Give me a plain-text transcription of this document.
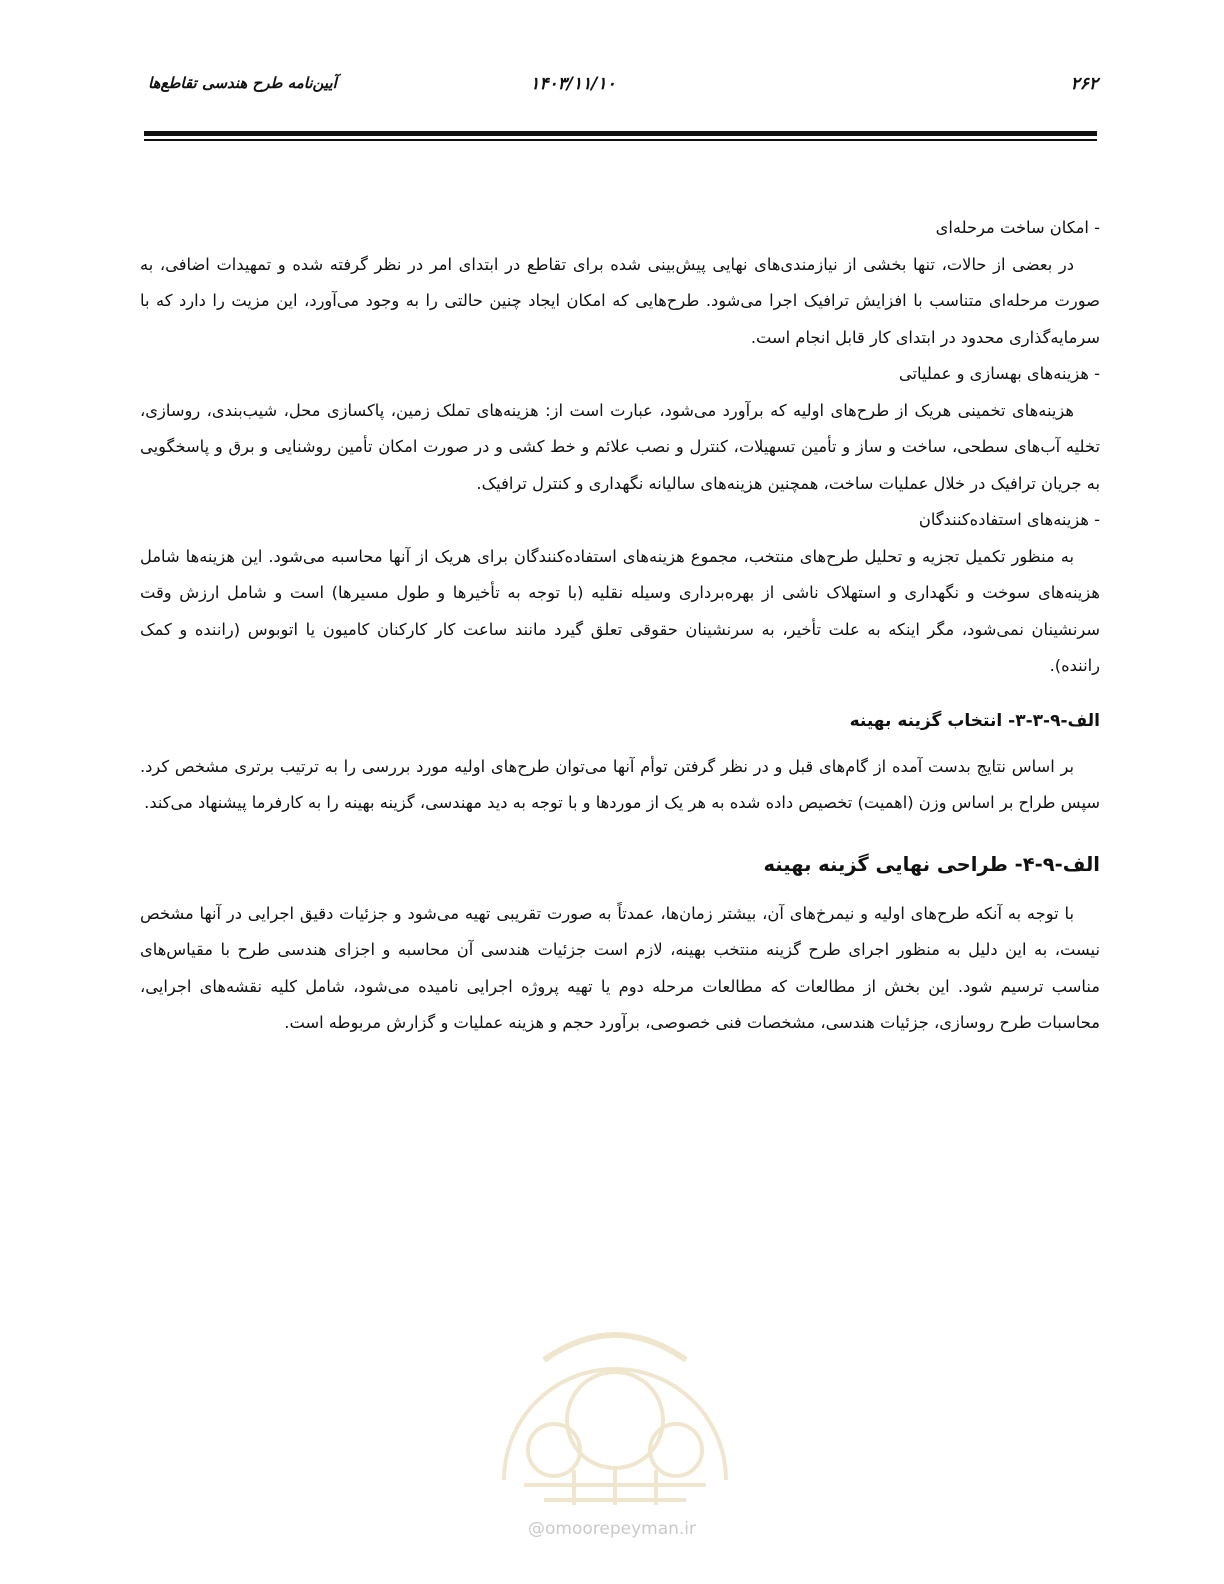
۲۶۲
۱۴۰۳/۱۱/۱۰
آیین‌نامه طرح هندسی تقاطع‌ها

- امکان ساخت مرحله‌ای

در بعضی از حالات، تنها بخشی از نیازمندی‌های نهایی پیش‌بینی شده برای تقاطع در ابتدای امر در نظر گرفته شده و تمهیدات اضافی، به صورت مرحله‌ای متناسب با افزایش ترافیک اجرا می‌شود. طرح‌هایی که امکان ایجاد چنین حالتی را به وجود می‌آورد، این مزیت را دارد که با سرمایه‌گذاری محدود در ابتدای کار قابل انجام است.

- هزینه‌های بهسازی و عملیاتی

هزینه‌های تخمینی هریک از طرح‌های اولیه که برآورد می‌شود، عبارت است از: هزینه‌های تملک زمین، پاکسازی محل، شیب‌بندی، روسازی، تخلیه آب‌های سطحی، ساخت و ساز و تأمین تسهیلات، کنترل و نصب علائم و خط کشی و در صورت امکان تأمین روشنایی و برق و پاسخگویی به جریان ترافیک در خلال عملیات ساخت، همچنین هزینه‌های سالیانه نگهداری و کنترل ترافیک.

- هزینه‌های استفاده‌کنندگان

به منظور تکمیل تجزیه و تحلیل طرح‌های منتخب، مجموع هزینه‌های استفاده‌کنندگان برای هریک از آنها محاسبه می‌شود. این هزینه‌ها شامل هزینه‌های سوخت و نگهداری و استهلاک ناشی از بهره‌برداری وسیله نقلیه (با توجه به تأخیرها و طول مسیرها) است و شامل ارزش وقت سرنشینان نمی‌شود، مگر اینکه به علت تأخیر، به سرنشینان حقوقی تعلق گیرد مانند ساعت کار کارکنان کامیون یا اتوبوس (راننده و کمک راننده).

الف-۹-۳-۳- انتخاب گزینه بهینه

بر اساس نتایج بدست آمده از گام‌های قبل و در نظر گرفتن توأم آنها می‌توان طرح‌های اولیه مورد بررسی را به ترتیب برتری مشخص کرد. سپس طراح بر اساس وزن (اهمیت) تخصیص داده شده به هر یک از موردها و با توجه به دید مهندسی، گزینه بهینه را به کارفرما پیشنهاد می‌کند.

الف-۹-۴- طراحی نهایی گزینه بهینه

با توجه به آنکه طرح‌های اولیه و نیمرخ‌های آن، بیشتر زمان‌ها، عمدتاً به صورت تقریبی تهیه می‌شود و جزئیات دقیق اجرایی در آنها مشخص نیست، به این دلیل به منظور اجرای طرح گزینه منتخب بهینه، لازم است جزئیات هندسی آن محاسبه و اجزای هندسی طرح با مقیاس‌های مناسب ترسیم شود. این بخش از مطالعات که مطالعات مرحله دوم یا تهیه پروژه اجرایی نامیده می‌شود، شامل کلیه نقشه‌های اجرایی، محاسبات طرح روسازی، جزئیات هندسی، مشخصات فنی خصوصی، برآورد حجم و هزینه عملیات و گزارش مربوطه است.

@omoorepeyman.ir
